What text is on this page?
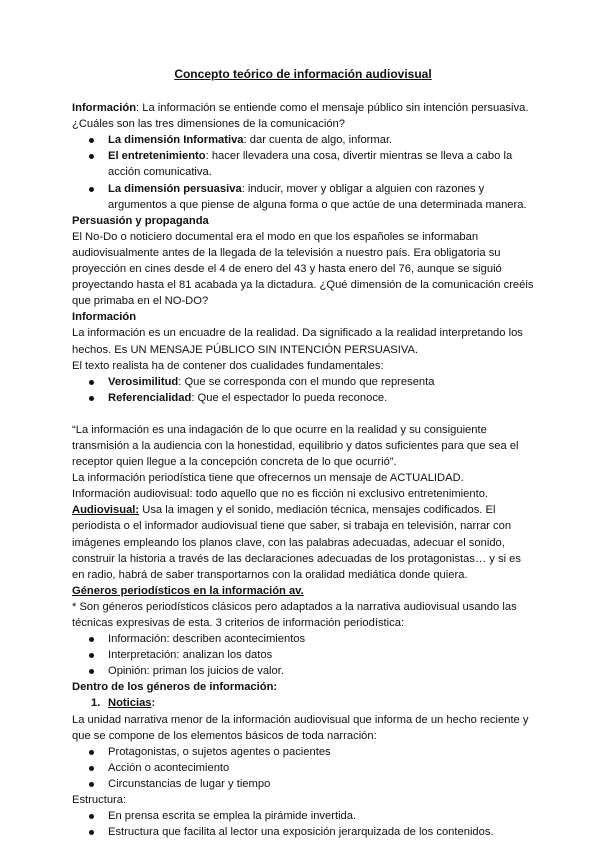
Concepto teórico de información audiovisual

Información: La información se entiende como el mensaje público sin intención persuasiva. ¿Cuáles son las tres dimensiones de la comunicación?

La dimensión Informativa: dar cuenta de algo, informar.
El entretenimiento: hacer llevadera una cosa, divertir mientras se lleva a cabo la acción comunicativa.
La dimensión persuasiva: inducir, mover y obligar a alguien con razones y argumentos a que piense de alguna forma o que actúe de una determinada manera.

Persuasión y propaganda

El No-Do o noticiero documental era el modo en que los españoles se informaban audiovisualmente antes de la llegada de la televisión a nuestro país. Era obligatoria su proyección en cines desde el 4 de enero del 43 y hasta enero del 76, aunque se siguió proyectando hasta el 81 acabada ya la dictadura. ¿Qué dimensión de la comunicación creéis que primaba en el NO-DO?

Información

La información es un encuadre de la realidad. Da significado a la realidad interpretando los hechos. Es UN MENSAJE PÚBLICO SIN INTENCIÓN PERSUASIVA.

El texto realista ha de contener dos cualidades fundamentales:

Verosimilitud: Que se corresponda con el mundo que representa
Referencialidad: Que el espectador lo pueda reconoce.

“La información es una indagación de lo que ocurre en la realidad y su consiguiente transmisión a la audiencia con la honestidad, equilibrio y datos suficientes para que sea el receptor quien llegue a la concepción concreta de lo que ocurrió”.

La información periodística tiene que ofrecernos un mensaje de ACTUALIDAD.

Información audiovisual: todo aquello que no es ficción ni exclusivo entretenimiento.

Audiovisual: Usa la imagen y el sonido, mediación técnica, mensajes codificados. El periodista o el informador audiovisual tiene que saber, si trabaja en televisión, narrar con imágenes empleando los planos clave, con las palabras adecuadas, adecuar el sonido, construir la historia a través de las declaraciones adecuadas de los protagonistas… y si es en radio, habrá de saber transportarnos con la oralidad mediática donde quiera.

Géneros periodísticos en la información av.

* Son géneros periodísticos clásicos pero adaptados a la narrativa audiovisual usando las técnicas expresivas de esta. 3 criterios de información periodística:

Información: describen acontecimientos
Interpretación: analizan los datos
Opinión: priman los juicios de valor.

Dentro de los géneros de información:

1. Noticias:

La unidad narrativa menor de la información audiovisual que informa de un hecho reciente y que se compone de los elementos básicos de toda narración:

Protagonistas, o sujetos agentes o pacientes
Acción o acontecimiento
Circunstancias de lugar y tiempo

Estructura:

En prensa escrita se emplea la pirámide invertida.
Estructura que facilita al lector una exposición jerarquizada de los contenidos.
